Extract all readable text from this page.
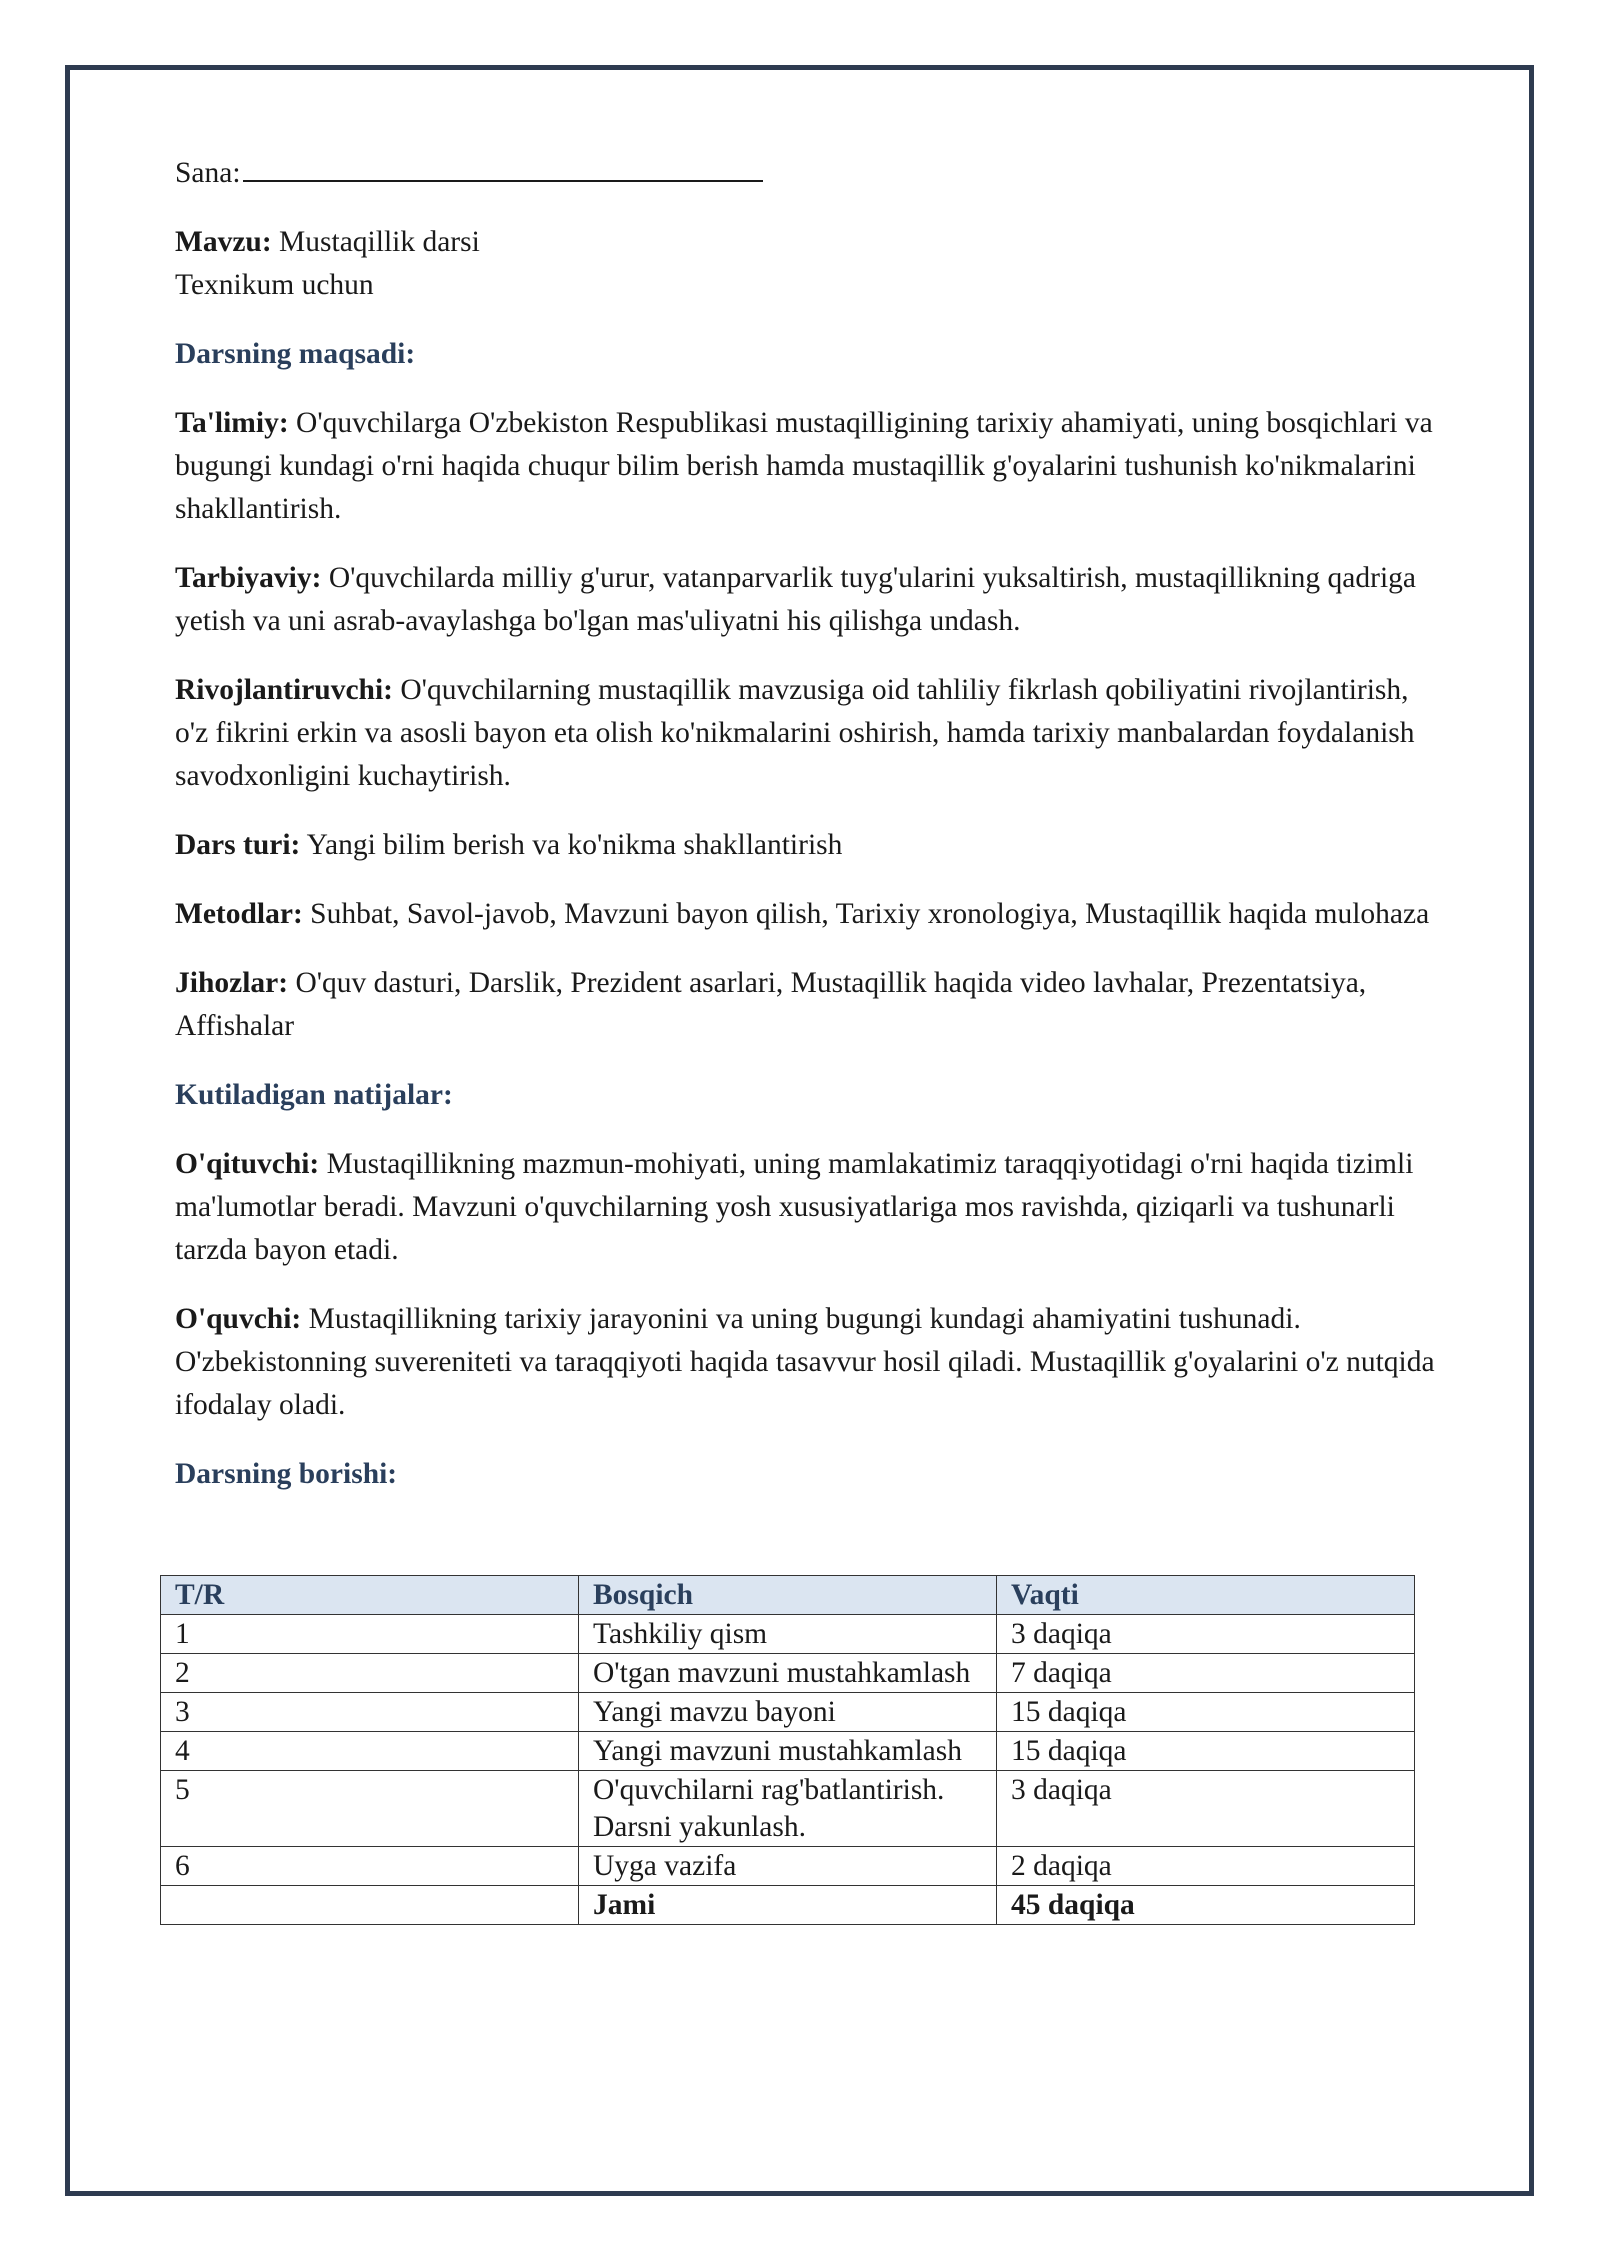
Sana:

Mavzu: Mustaqillik darsi
Texnikum uchun

Darsning maqsadi:

Ta'limiy: O'quvchilarga O'zbekiston Respublikasi mustaqilligining tarixiy ahamiyati, uning bosqichlari va bugungi kundagi o'rni haqida chuqur bilim berish hamda mustaqillik g'oyalarini tushunish ko'nikmalarini shakllantirish.

Tarbiyaviy: O'quvchilarda milliy g'urur, vatanparvarlik tuyg'ularini yuksaltirish, mustaqillikning qadriga yetish va uni asrab-avaylashga bo'lgan mas'uliyatni his qilishga undash.

Rivojlantiruvchi: O'quvchilarning mustaqillik mavzusiga oid tahliliy fikrlash qobiliyatini rivojlantirish, o'z fikrini erkin va asosli bayon eta olish ko'nikmalarini oshirish, hamda tarixiy manbalardan foydalanish savodxonligini kuchaytirish.

Dars turi: Yangi bilim berish va ko'nikma shakllantirish

Metodlar: Suhbat, Savol-javob, Mavzuni bayon qilish, Tarixiy xronologiya, Mustaqillik haqida mulohaza

Jihozlar: O'quv dasturi, Darslik, Prezident asarlari, Mustaqillik haqida video lavhalar, Prezentatsiya, Affishalar

Kutiladigan natijalar:

O'qituvchi: Mustaqillikning mazmun-mohiyati, uning mamlakatimiz taraqqiyotidagi o'rni haqida tizimli ma'lumotlar beradi. Mavzuni o'quvchilarning yosh xususiyatlariga mos ravishda, qiziqarli va tushunarli tarzda bayon etadi.

O'quvchi: Mustaqillikning tarixiy jarayonini va uning bugungi kundagi ahamiyatini tushunadi. O'zbekistonning suvereniteti va taraqqiyoti haqida tasavvur hosil qiladi. Mustaqillik g'oyalarini o'z nutqida ifodalay oladi.

Darsning borishi:

T/R	Bosqich	Vaqti
1	Tashkiliy qism	3 daqiqa
2	O'tgan mavzuni mustahkamlash	7 daqiqa
3	Yangi mavzu bayoni	15 daqiqa
4	Yangi mavzuni mustahkamlash	15 daqiqa
5	O'quvchilarni rag'batlantirish. Darsni yakunlash.	3 daqiqa
6	Uyga vazifa	2 daqiqa
	Jami	45 daqiqa
